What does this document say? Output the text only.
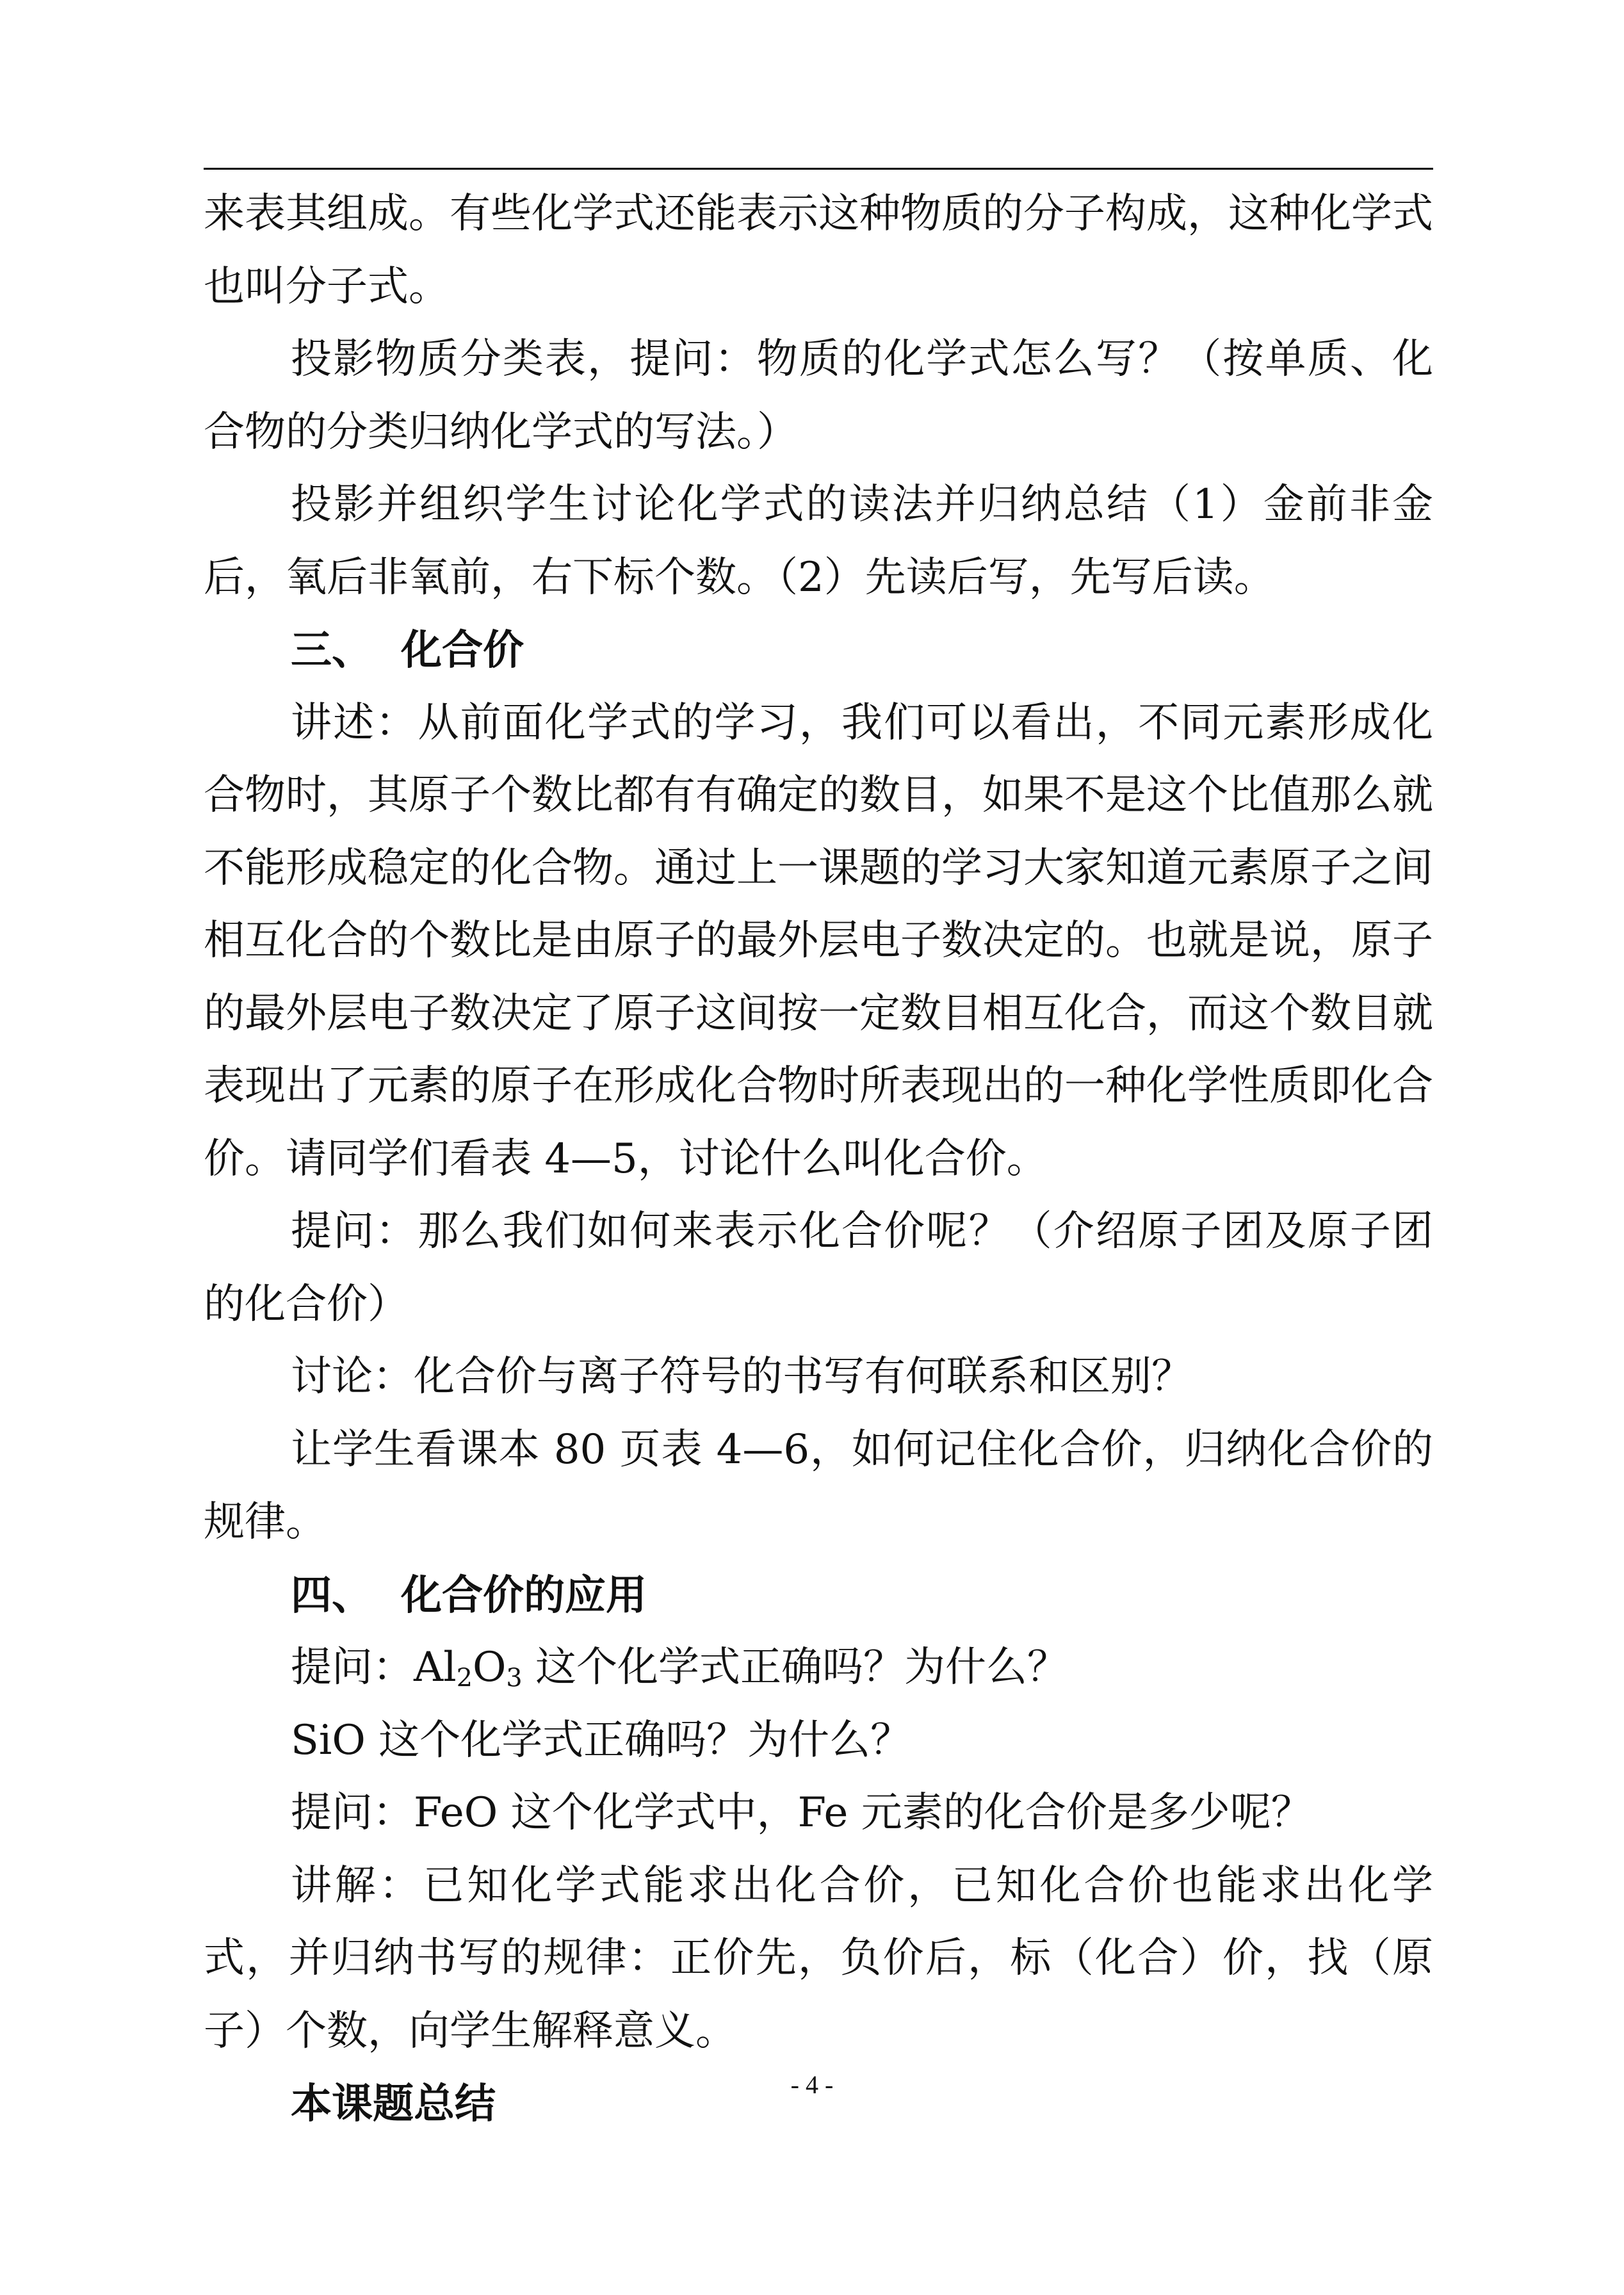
来表其组成。有些化学式还能表示这种物质的分子构成，这种化学式也叫分子式。

投影物质分类表，提问：物质的化学式怎么写？（按单质、化合物的分类归纳化学式的写法。）

投影并组织学生讨论化学式的读法并归纳总结（1）金前非金后，氧后非氧前，右下标个数。（2）先读后写，先写后读。

三、 化合价

讲述：从前面化学式的学习，我们可以看出，不同元素形成化合物时，其原子个数比都有有确定的数目，如果不是这个比值那么就不能形成稳定的化合物。通过上一课题的学习大家知道元素原子之间相互化合的个数比是由原子的最外层电子数决定的。也就是说，原子的最外层电子数决定了原子这间按一定数目相互化合，而这个数目就表现出了元素的原子在形成化合物时所表现出的一种化学性质即化合价。请同学们看表 4—5，讨论什么叫化合价。

提问：那么我们如何来表示化合价呢？（介绍原子团及原子团的化合价）

讨论：化合价与离子符号的书写有何联系和区别？

让学生看课本 80 页表 4—6，如何记住化合价，归纳化合价的规律。

四、 化合价的应用

提问：$Al_2O_3$ 这个化学式正确吗？为什么？

SiO 这个化学式正确吗？为什么？

提问：FeO 这个化学式中，Fe 元素的化合价是多少呢？

讲解：已知化学式能求出化合价，已知化合价也能求出化学式，并归纳书写的规律：正价先，负价后，标（化合）价，找（原子）个数，向学生解释意义。

本课题总结	- 4 -
